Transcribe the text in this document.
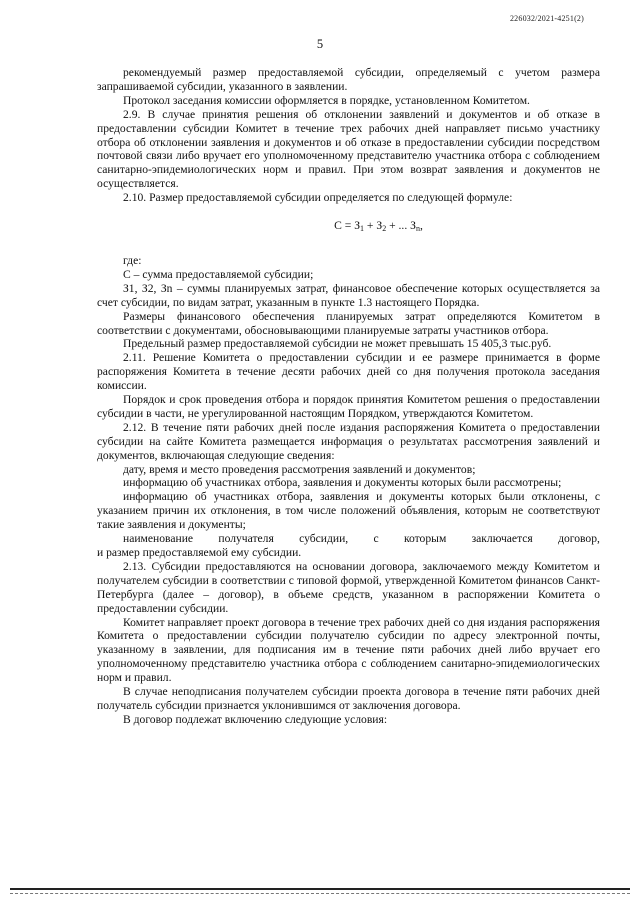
226032/2021-4251(2)
5

рекомендуемый размер предоставляемой субсидии, определяемый с учетом размера запрашиваемой субсидии, указанного в заявлении.

Протокол заседания комиссии оформляется в порядке, установленном Комитетом.

2.9. В случае принятия решения об отклонении заявлений и документов и об отказе в предоставлении субсидии Комитет в течение трех рабочих дней направляет письмо участнику отбора об отклонении заявления и документов и об отказе в предоставлении субсидии посредством почтовой связи либо вручает его уполномоченному представителю участника отбора с соблюдением санитарно-эпидемиологических норм и правил. При этом возврат заявления и документов не осуществляется.

2.10. Размер предоставляемой субсидии определяется по следующей формуле:

$С = З_1 + З_2$ + ... $З_n$,

где:

С – сумма предоставляемой субсидии;

З1, З2, Зn – суммы планируемых затрат, финансовое обеспечение которых осуществляется за счет субсидии, по видам затрат, указанным в пункте 1.3 настоящего Порядка.

Размеры финансового обеспечения планируемых затрат определяются Комитетом в соответствии с документами, обосновывающими планируемые затраты участников отбора.

Предельный размер предоставляемой субсидии не может превышать 15 405,3 тыс.руб.

2.11. Решение Комитета о предоставлении субсидии и ее размере принимается в форме распоряжения Комитета в течение десяти рабочих дней со дня получения протокола заседания комиссии.

Порядок и срок проведения отбора и порядок принятия Комитетом решения о предоставлении субсидии в части, не урегулированной настоящим Порядком, утверждаются Комитетом.

2.12. В течение пяти рабочих дней после издания распоряжения Комитета о предоставлении субсидии на сайте Комитета размещается информация о результатах рассмотрения заявлений и документов, включающая следующие сведения:

дату, время и место проведения рассмотрения заявлений и документов;

информацию об участниках отбора, заявления и документы которых были рассмотрены;

информацию об участниках отбора, заявления и документы которых были отклонены, с указанием причин их отклонения, в том числе положений объявления, которым не соответствуют такие заявления и документы;

наименование получателя субсидии, с которым заключается договор,

и размер предоставляемой ему субсидии.

2.13. Субсидии предоставляются на основании договора, заключаемого между Комитетом и получателем субсидии в соответствии с типовой формой, утвержденной Комитетом финансов Санкт-Петербурга (далее – договор), в объеме средств, указанном в распоряжении Комитета о предоставлении субсидии.

Комитет направляет проект договора в течение трех рабочих дней со дня издания распоряжения Комитета о предоставлении субсидии получателю субсидии по адресу электронной почты, указанному в заявлении, для подписания им в течение пяти рабочих дней либо вручает его уполномоченному представителю участника отбора с соблюдением санитарно-эпидемиологических норм и правил.

В случае неподписания получателем субсидии проекта договора в течение пяти рабочих дней получатель субсидии признается уклонившимся от заключения договора.

В договор подлежат включению следующие условия:
